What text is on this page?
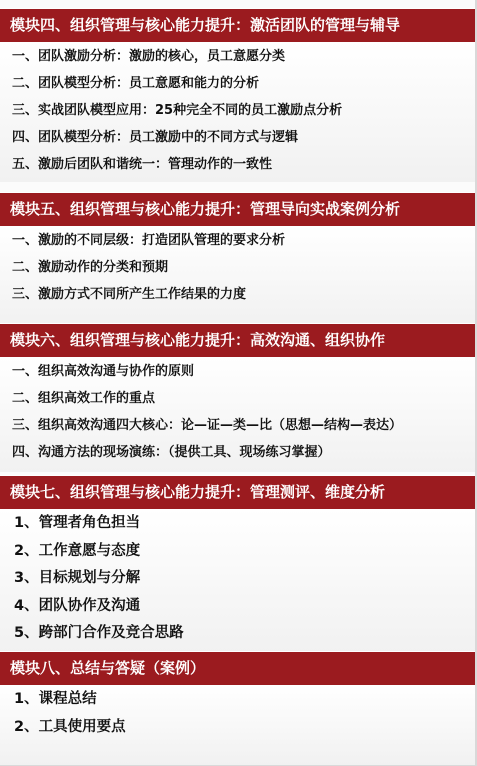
模块四、组织管理与核心能力提升：激活团队的管理与辅导
一、团队激励分析：激励的核心，员工意愿分类
二、团队模型分析：员工意愿和能力的分析
三、实战团队模型应用：25种完全不同的员工激励点分析
四、团队模型分析：员工激励中的不同方式与逻辑
五、激励后团队和谐统一：管理动作的一致性
模块五、组织管理与核心能力提升：管理导向实战案例分析
一、激励的不同层级：打造团队管理的要求分析
二、激励动作的分类和预期
三、激励方式不同所产生工作结果的力度
模块六、组织管理与核心能力提升：高效沟通、组织协作
一、组织高效沟通与协作的原则
二、组织高效工作的重点
三、组织高效沟通四大核心：论—证—类—比（思想—结构—表达）
四、沟通方法的现场演练：（提供工具、现场练习掌握）
模块七、组织管理与核心能力提升：管理测评、维度分析
1、管理者角色担当
2、工作意愿与态度
3、目标规划与分解
4、团队协作及沟通
5、跨部门合作及竞合思路
模块八、总结与答疑（案例）
1、课程总结
2、工具使用要点
